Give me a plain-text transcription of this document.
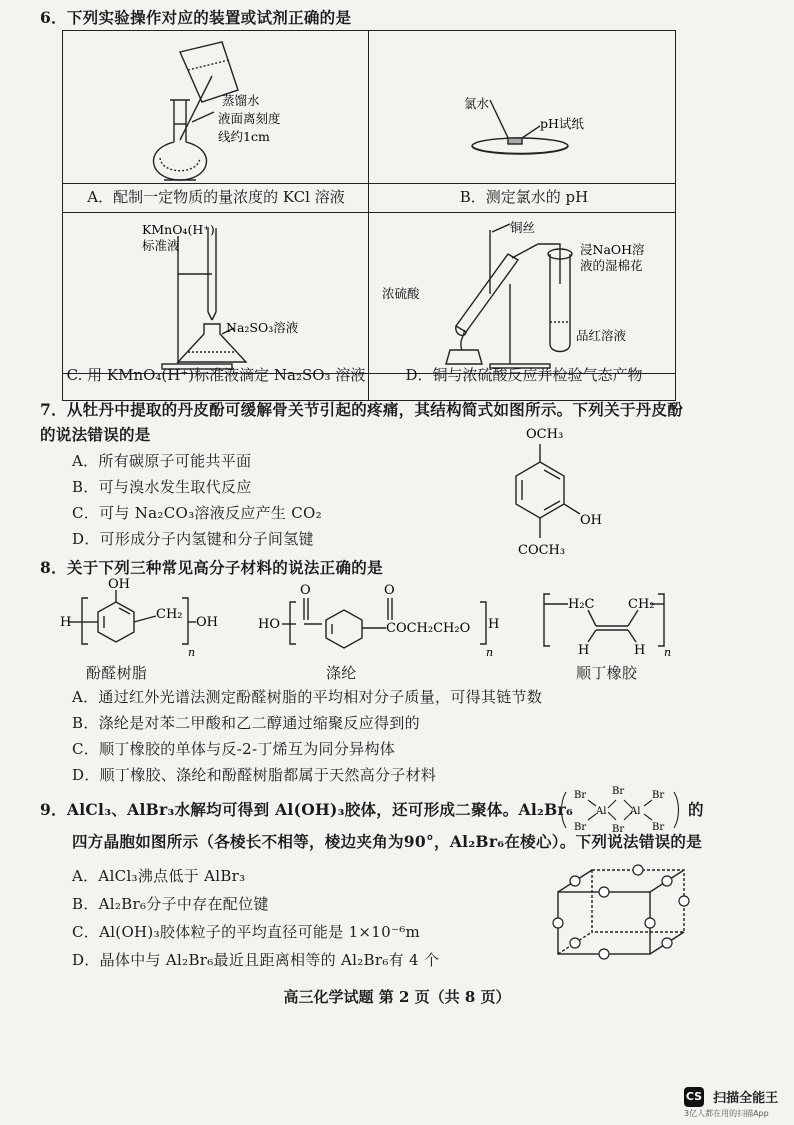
6．下列实验操作对应的装置或试剂正确的是

蒸馏水
液面离刻度
线约1cm
氯水
pH试纸
A．配制一定物质的量浓度的 KCl 溶液	B．测定氯水的 pH
KMnO₄(H⁺)
标准液
Na₂SO₃溶液
铜丝
浸NaOH溶
液的湿棉花
浓硫酸
品红溶液
C. 用 KMnO₄(H⁺)标准液滴定 Na₂SO₃ 溶液	D．铜与浓硫酸反应并检验气态产物
7．从牡丹中提取的丹皮酚可缓解骨关节引起的疼痛，其结构简式如图所示。下列关于丹皮酚
的说法错误的是
A．所有碳原子可能共平面
B．可与溴水发生取代反应
C．可与 Na₂CO₃溶液反应产生 CO₂
D．可形成分子内氢键和分子间氢键
OCH₃
OH
COCH₃
8．关于下列三种常见高分子材料的说法正确的是
OH
H
CH₂
OH
n
HO
O	O
COCH₂CH₂O H
n
H₂C	CH₂
H	H n
酚醛树脂	涤纶	顺丁橡胶
A．通过红外光谱法测定酚醛树脂的平均相对分子质量，可得其链节数
B．涤纶是对苯二甲酸和乙二醇通过缩聚反应得到的
C．顺丁橡胶的单体与反-2-丁烯互为同分异构体
D．顺丁橡胶、涤纶和酚醛树脂都属于天然高分子材料
9．AlCl₃、AlBr₃水解均可得到 Al(OH)₃胶体，还可形成二聚体。Al₂Br₆
Br
Br
Al
Br
Br
Al
Br
Br
的
四方晶胞如图所示（各棱长不相等，棱边夹角为90°，Al₂Br₆在棱心）。下列说法错误的是
A．AlCl₃沸点低于 AlBr₃
B．Al₂Br₆分子中存在配位键
C．Al(OH)₃胶体粒子的平均直径可能是 1×10⁻⁶m
D．晶体中与 Al₂Br₆最近且距离相等的 Al₂Br₆有 4 个
高三化学试题 第 2 页（共 8 页）
CS 扫描全能王
3亿人都在用的扫描App
